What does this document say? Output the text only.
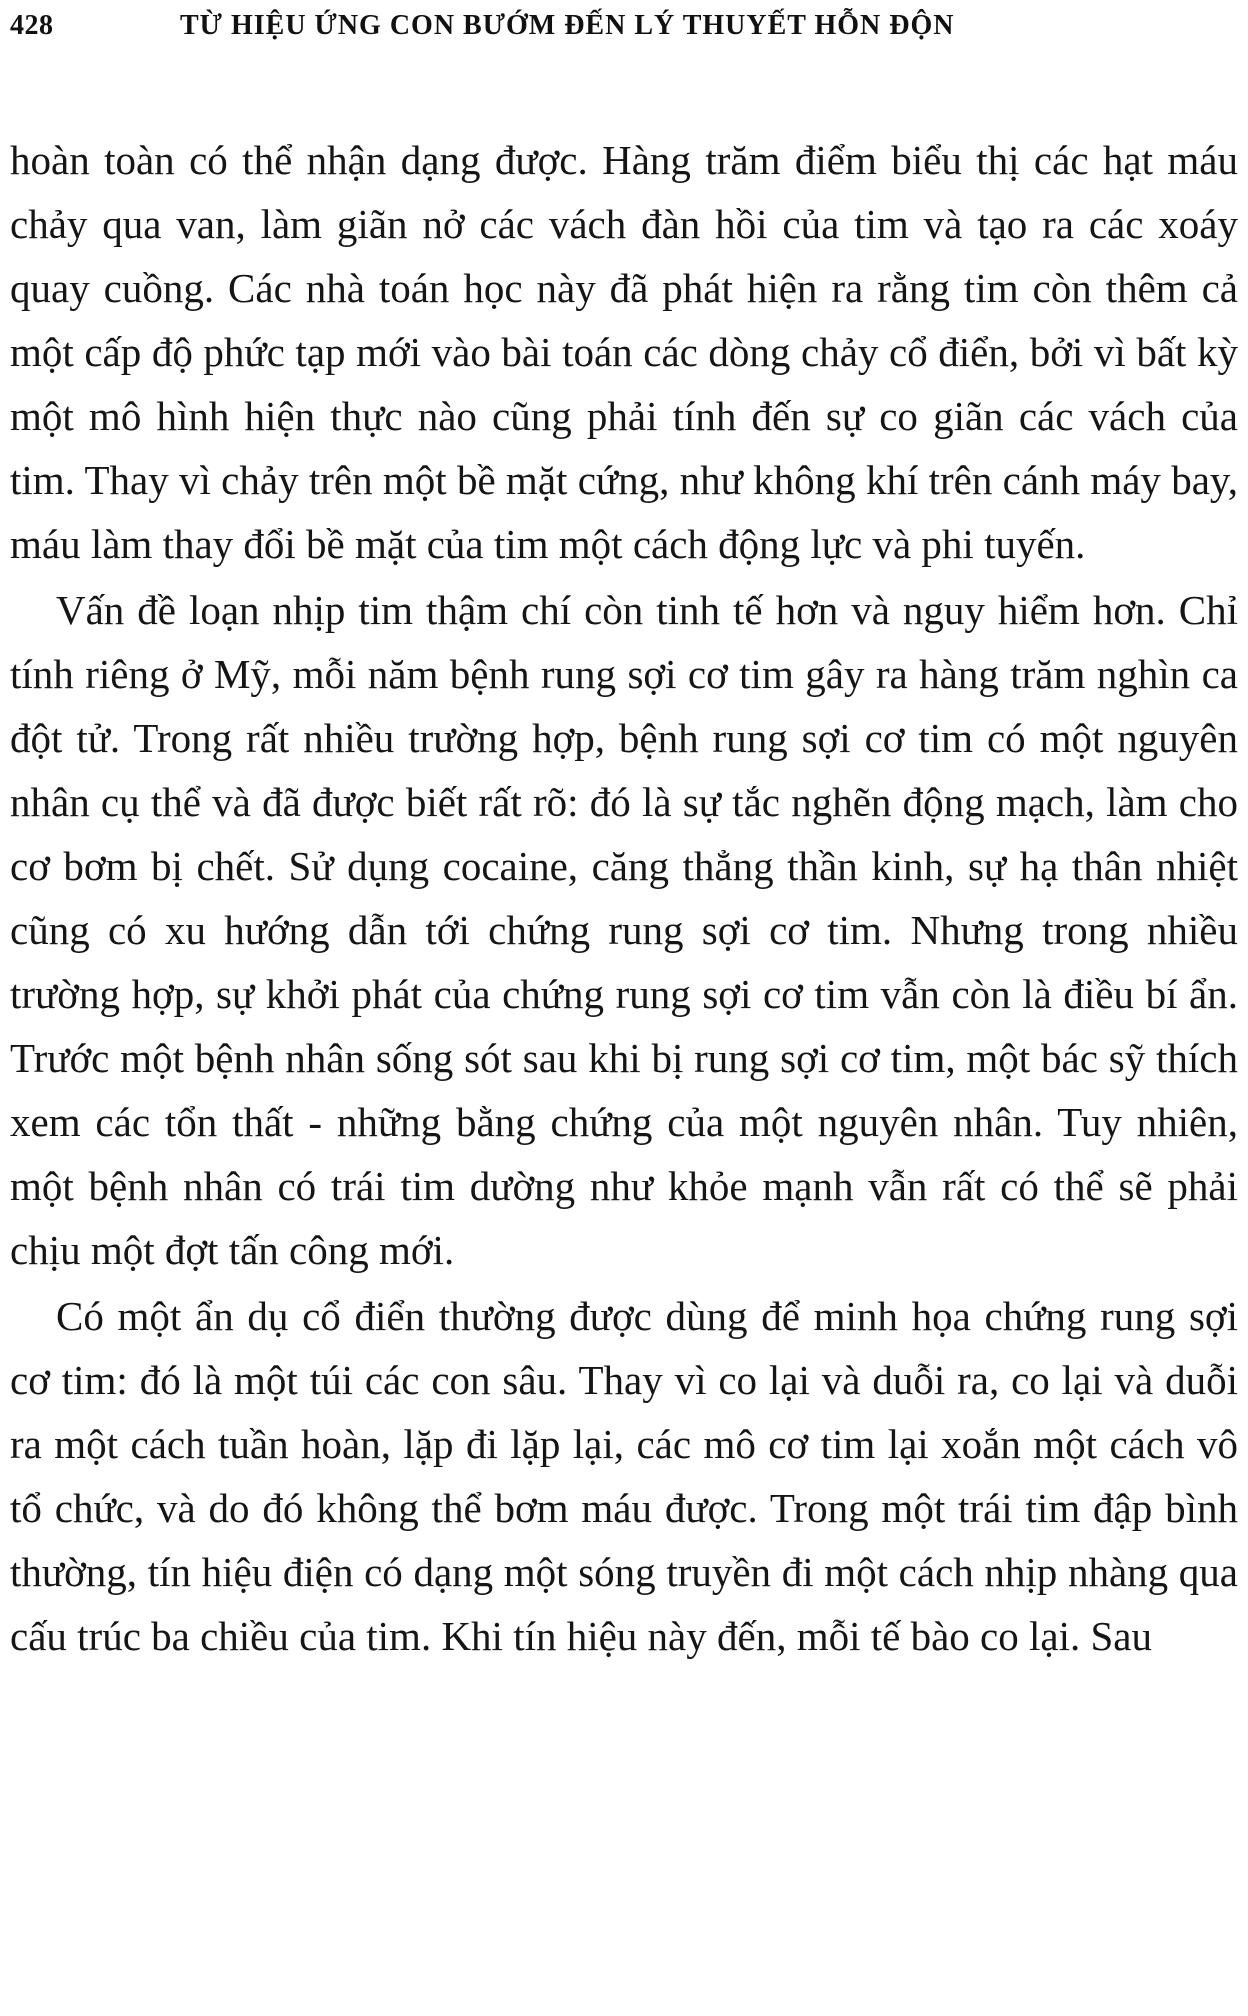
428	TỪ HIỆU ỨNG CON BƯỚM ĐẾN LÝ THUYẾT HỖN ĐỘN

hoàn toàn có thể nhận dạng được. Hàng trăm điểm biểu thị các hạt máu chảy qua van, làm giãn nở các vách đàn hồi của tim và tạo ra các xoáy quay cuồng. Các nhà toán học này đã phát hiện ra rằng tim còn thêm cả một cấp độ phức tạp mới vào bài toán các dòng chảy cổ điển, bởi vì bất kỳ một mô hình hiện thực nào cũng phải tính đến sự co giãn các vách của tim. Thay vì chảy trên một bề mặt cứng, như không khí trên cánh máy bay, máu làm thay đổi bề mặt của tim một cách động lực và phi tuyến.

Vấn đề loạn nhịp tim thậm chí còn tinh tế hơn và nguy hiểm hơn. Chỉ tính riêng ở Mỹ, mỗi năm bệnh rung sợi cơ tim gây ra hàng trăm nghìn ca đột tử. Trong rất nhiều trường hợp, bệnh rung sợi cơ tim có một nguyên nhân cụ thể và đã được biết rất rõ: đó là sự tắc nghẽn động mạch, làm cho cơ bơm bị chết. Sử dụng cocaine, căng thẳng thần kinh, sự hạ thân nhiệt cũng có xu hướng dẫn tới chứng rung sợi cơ tim. Nhưng trong nhiều trường hợp, sự khởi phát của chứng rung sợi cơ tim vẫn còn là điều bí ẩn. Trước một bệnh nhân sống sót sau khi bị rung sợi cơ tim, một bác sỹ thích xem các tổn thất - những bằng chứng của một nguyên nhân. Tuy nhiên, một bệnh nhân có trái tim dường như khỏe mạnh vẫn rất có thể sẽ phải chịu một đợt tấn công mới.

Có một ẩn dụ cổ điển thường được dùng để minh họa chứng rung sợi cơ tim: đó là một túi các con sâu. Thay vì co lại và duỗi ra, co lại và duỗi ra một cách tuần hoàn, lặp đi lặp lại, các mô cơ tim lại xoắn một cách vô tổ chức, và do đó không thể bơm máu được. Trong một trái tim đập bình thường, tín hiệu điện có dạng một sóng truyền đi một cách nhịp nhàng qua cấu trúc ba chiều của tim. Khi tín hiệu này đến, mỗi tế bào co lại. Sau
